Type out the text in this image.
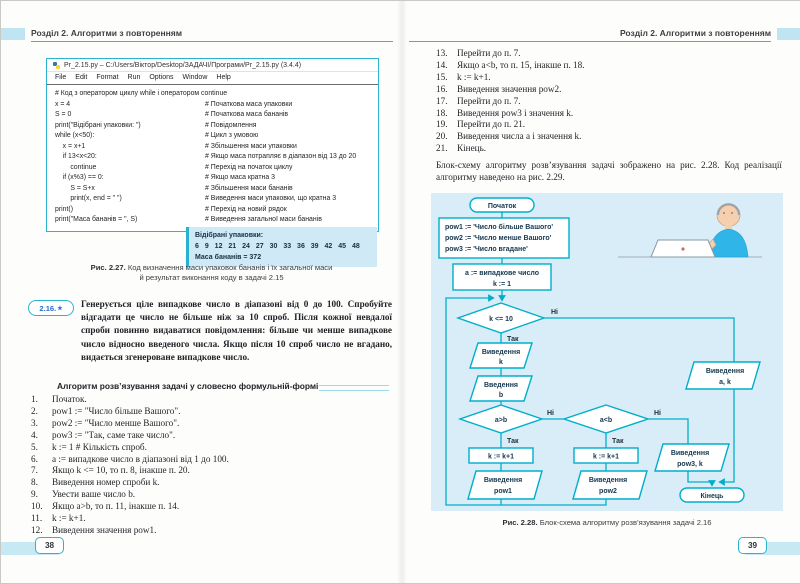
Розділ 2. Алгоритми з повторенням	Розділ 2. Алгоритми з повторенням
Pr_2.15.py – C:/Users/Віктор/Desktop/ЗАДАЧІ/Програми/Pr_2.15.py (3.4.4)
File Edit Format Run Options Window Help
# Код з оператором циклу while і оператором continue
x = 4	# Початкова маса упаковки
S = 0	# Початкова маса бананів
print("Відібрані упаковки: ")	# Повідомлення
while (x<50):	# Цикл з умовою
x = x+1	# Збільшення маси упаковки
if 13<x<20:	# Якщо маса потрапляє в діапазон від 13 до 20
continue	# Перехід на початок циклу
if (x%3) == 0:	# Якщо маса кратна 3
S = S+x	# Збільшення маси бананів
print(x, end = " ")	# Виведення маси упаковки, що кратна 3
print()	# Перехід на новий рядок
print("Маса бананів = ", S)	# Виведення загальної маси бананів
Відібрані упаковки:
6 9 12 21 24 27 30 33 36 39 42 45 48
Маса бананів = 372
Рис. 2.27. Код визначення маси упаковок бананів і їх загальної маси
й результат виконання коду в задачі 2.15
2.16. ★ Генерується ціле випадкове число в діапазоні від 0 до 100. Спробуйте відгадати це число не більше ніж за 10 спроб. Після кожної невдалої спроби повинно видаватися повідомлення: більше чи менше випадкове число відносно введеного числа. Якщо після 10 спроб число не вгадано, видається згенероване випадкове число.
Алгоритм розв’язування задачі у словесно формульній-формі
1.	Початок.
2.	pow1 := "Число більше Вашого".
3.	pow2 := "Число менше Вашого".
4.	pow3 := "Так, саме таке число".
5.	k := 1 # Кількість спроб.
6.	a := випадкове число в діапазоні від 1 до 100.
7.	Якщо k <= 10, то п. 8, інакше п. 20.
8.	Виведення номер спроби k.
9.	Увести ваше число b.
10.	Якщо a>b, то п. 11, інакше п. 14.
11.	k := k+1.
12.	Виведення значення pow1.
38
13.	Перейти до п. 7.
14.	Якщо a<b, то п. 15, інакше п. 18.
15.	k := k+1.
16.	Виведення значення pow2.
17.	Перейти до п. 7.
18.	Виведення pow3 і значення k.
19.	Перейти до п. 21.
20.	Виведення числа а і значення k.
21.	Кінець.
Блок-схему алгоритму розв’язування задачі зображено на рис. 2.28. Код реалізації алгоритму наведено на рис. 2.29.
Початок
pow1 := 'Число більше Вашого'
pow2 := 'Число менше Вашого'
pow3 := 'Число вгадане'
a := випадкове число
k := 1
k <= 10
Виведення
k
Введення
b
a>b	a<b
k := k+1	k := k+1
Виведення
pow1
Виведення
pow2
Виведення
pow3, k
Виведення
a, k
Кінець
Так
Ні
Так
Ні
Так
Ні
Рис. 2.28. Блок-схема алгоритму розв’язування задачі 2.16
39
